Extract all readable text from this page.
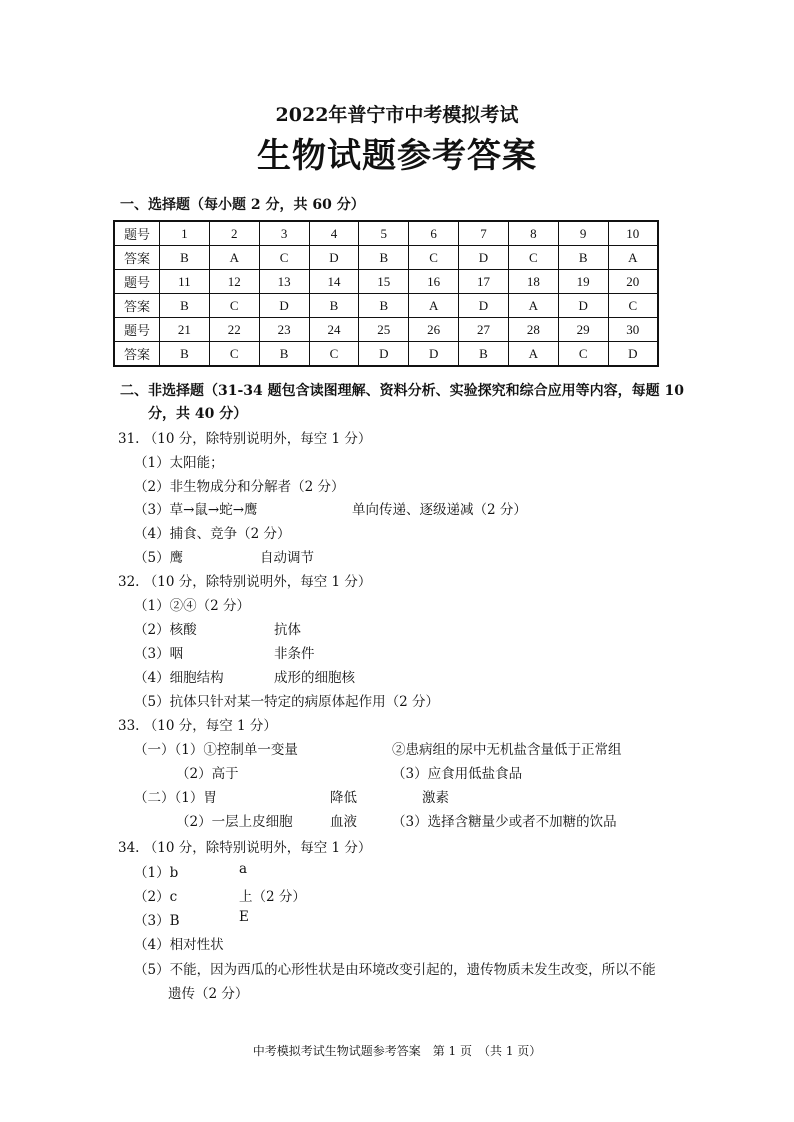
2022年普宁市中考模拟考试
生物试题参考答案
一、选择题（每小题 2 分，共 60 分）
题号	1	2	3	4	5	6	7	8	9	10
答案	B	A	C	D	B	C	D	C	B	A
题号	11	12	13	14	15	16	17	18	19	20
答案	B	C	D	B	B	A	D	A	D	C
题号	21	22	23	24	25	26	27	28	29	30
答案	B	C	B	C	D	D	B	A	C	D
二、非选择题（31-34 题包含读图理解、资料分析、实验探究和综合应用等内容，每题 10
分，共 40 分）
31. （10 分，除特别说明外，每空 1 分）
（1）太阳能；
（2）非生物成分和分解者（2 分）
（3）草→鼠→蛇→鹰	单向传递、逐级递减（2 分）
（4）捕食、竞争（2 分）
（5）鹰	自动调节
32. （10 分，除特别说明外，每空 1 分）
（1）②④（2 分）
（2）核酸	抗体
（3）咽	非条件
（4）细胞结构	成形的细胞核
（5）抗体只针对某一特定的病原体起作用（2 分）
33. （10 分，每空 1 分）
（一）（1）①控制单一变量	②患病组的尿中无机盐含量低于正常组
（2）高于	（3）应食用低盐食品
（二）（1）胃	降低	激素
（2）一层上皮细胞	血液	（3）选择含糖量少或者不加糖的饮品
34. （10 分，除特别说明外，每空 1 分）
（1）b	a
（2）c	上（2 分）
（3）B	E
（4）相对性状
（5）不能，因为西瓜的心形性状是由环境改变引起的，遗传物质未发生改变，所以不能
遗传（2 分）
中考模拟考试生物试题参考答案　第 1 页　（共 1 页）
